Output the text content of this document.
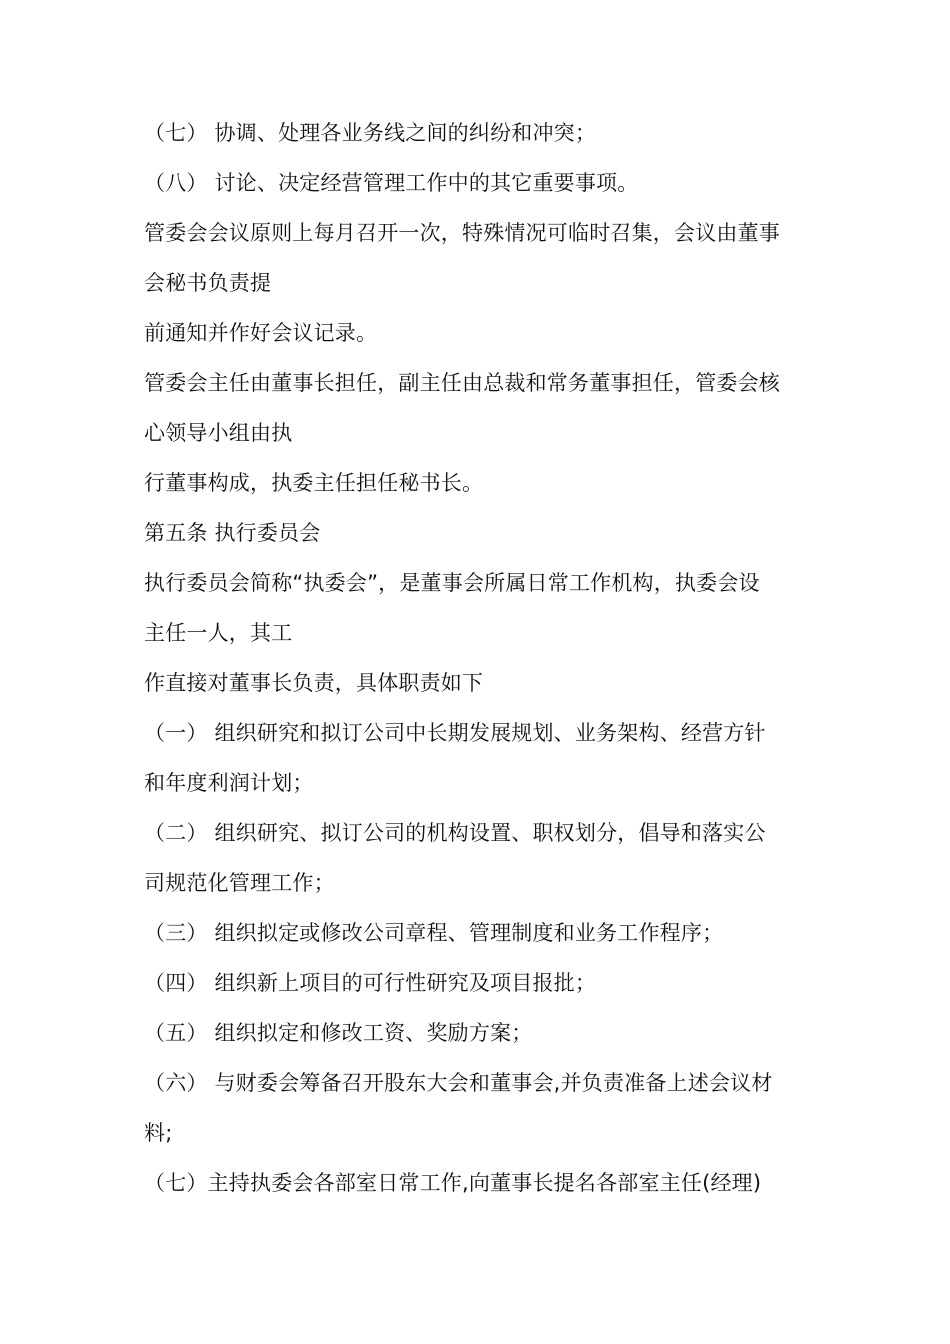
（七） 协调、处理各业务线之间的纠纷和冲突；
（八） 讨论、决定经营管理工作中的其它重要事项。
管委会会议原则上每月召开一次，特殊情况可临时召集，会议由董事
会秘书负责提
前通知并作好会议记录。
管委会主任由董事长担任，副主任由总裁和常务董事担任，管委会核
心领导小组由执
行董事构成，执委主任担任秘书长。
第五条 执行委员会
执行委员会简称“执委会”，是董事会所属日常工作机构，执委会设
主任一人，其工
作直接对董事长负责，具体职责如下
（一） 组织研究和拟订公司中长期发展规划、业务架构、经营方针
和年度利润计划；
（二） 组织研究、拟订公司的机构设置、职权划分，倡导和落实公
司规范化管理工作；
（三） 组织拟定或修改公司章程、管理制度和业务工作程序；
（四） 组织新上项目的可行性研究及项目报批；
（五） 组织拟定和修改工资、奖励方案；
（六） 与财委会筹备召开股东大会和董事会,并负责准备上述会议材
料;
（七）主持执委会各部室日常工作,向董事长提名各部室主任(经理)
